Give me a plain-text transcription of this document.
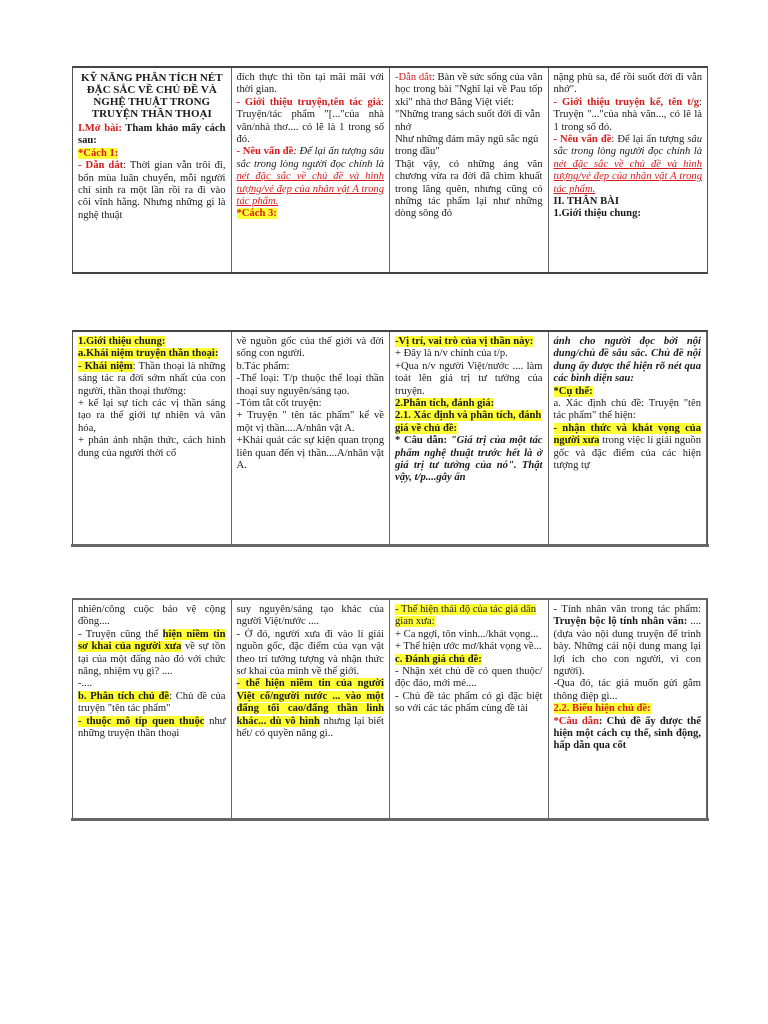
KỸ NĂNG PHÂN TÍCH NÉT ĐẶC SẮC VỀ CHỦ ĐỀ VÀ NGHỆ THUẬT TRONG TRUYỆN THẦN THOẠI
I.Mở bài: Tham khảo mấy cách sau:
*Cách 1:
- Dẫn dắt: Thời gian vẫn trôi đi, bốn mùa luân chuyển, mỗi người chỉ sinh ra một lần rồi ra đi vào cõi vĩnh hằng. Nhưng những gì là nghệ thuật
đích thực thì tồn tại mãi mãi với thời gian.
- Giới thiệu truyện,tên tác giả: Truyện/tác phẩm "[..."của nhà văn/nhà thơ.... có lẽ là 1 trong số đó.
- Nêu vấn đề: Để lại ấn tượng sâu sắc trong lòng người đọc chính là nét đặc sắc về chủ đề và hình tượng/vẻ đẹp của nhân vật A trong tác phẩm.
*Cách 3:
-Dẫn dắt: Bàn về sức sống của văn học trong bài "Nghĩ lại về Pau tốp xki" nhà thơ Bằng Việt viết:
"Những trang sách suốt đời đi vẫn nhớ
Như những đám mây ngũ sắc ngủ trong đầu"
Thật vậy, có những áng văn chương vừa ra đời đã chìm khuất trong lãng quên, nhưng cũng có những tác phẩm lại như những dòng sông đỏ
nặng phù sa, để rồi suốt đời đi vẫn nhớ".
- Giới thiệu truyện kể, tên t/g: Truyện "..."của nhà văn..., có lẽ là 1 trong số đó.
- Nêu vấn đề: Để lại ấn tượng sâu sắc trong lòng người đọc chính là nét đặc sắc về chủ đề và hình tượng/vẻ đẹp của nhân vật A trong tác phẩm.
II. THÂN BÀI
1.Giới thiệu chung:
1.Giới thiệu chung:
a.Khái niệm truyện thần thoại:
- Khái niệm: Thần thoại là những sáng tác ra đời sớm nhất của con người, thần thoại thường:
+ kể lại sự tích các vị thần sáng tạo ra thế giới tự nhiên và văn hóa,
+ phản ánh nhận thức, cách hình dung của người thời cổ
về nguồn gốc của thế giới và đời sống con người.
b.Tác phẩm:
-Thể loại: T/p thuộc thể loại thần thoại suy nguyên/sáng tạo.
-Tóm tắt cốt truyện:
+ Truyện " tên tác phẩm" kể về một vị thần....A/nhân vật A.
+Khái quát các sự kiện quan trọng liên quan đến vị thần....A/nhân vật A.
-Vị trí, vai trò của vị thần này:
+ Đây là n/v chính của t/p.
+Qua n/v người Việt/nước .... làm toát lên giá trị tư tưởng của truyện.
2.Phân tích, đánh giá:
2.1. Xác định và phân tích, đánh giá về chủ đề:
* Câu dẫn: "Giá trị của một tác phẩm nghệ thuật trước hết là ở giá trị tư tưởng của nó". Thật vậy, t/p....gây ấn
ánh cho người đọc bởi nội dung/chủ đề sâu sắc. Chủ đề nội dung ấy được thể hiện rõ nét qua các bình diện sau:
*Cụ thể:
a. Xác định chủ đề: Truyện "tên tác phẩm" thể hiện:
- nhận thức và khát vọng của người xưa trong việc lí giải nguồn gốc và đặc điểm của các hiện tượng tự
nhiên/công cuộc bảo vệ cộng đồng....
- Truyện cũng thể hiện niềm tin sơ khai của người xưa về sự tồn tại của một đấng nào đó với chức năng, nhiệm vụ gì? ....
-....
b. Phân tích chủ đề: Chủ đề của truyện "tên tác phẩm"
- thuộc mô típ quen thuộc như những truyện thần thoại
suy nguyên/sáng tạo khác của người Việt/nước ....
- Ở đó, người xưa đi vào lí giải nguồn gốc, đặc điểm của vạn vật theo trí tưởng tượng và nhận thức sơ khai của mình về thế giới.
- thể hiện niềm tin của người Việt cổ/người nước ... vào một đấng tối cao/đấng thần linh khác... dù vô hình nhưng lại biết hết/ có quyền năng gì..
- Thể hiện thái độ của tác giả dân gian xưa:
+ Ca ngợi, tôn vinh.../khát vọng...
+ Thể hiện ước mơ/khát vọng về...
c. Đánh giá chủ đề:
- Nhận xét chủ đề có quen thuộc/ độc đáo, mới mẻ....
- Chủ đề tác phẩm có gì đặc biệt so với các tác phẩm cùng đề tài
- Tính nhân văn trong tác phẩm: Truyện bộc lộ tính nhân văn: ....(dựa vào nội dung truyện để trình bày. Những cái nội dung mang lại lợi ích cho con người, vì con người).
-Qua đó, tác giả muốn gửi gắm thông điệp gì...
2.2. Biểu hiện chủ đề:
*Câu dẫn: Chủ đề ấy được thể hiện một cách cụ thể, sinh động, hấp dẫn qua cốt
